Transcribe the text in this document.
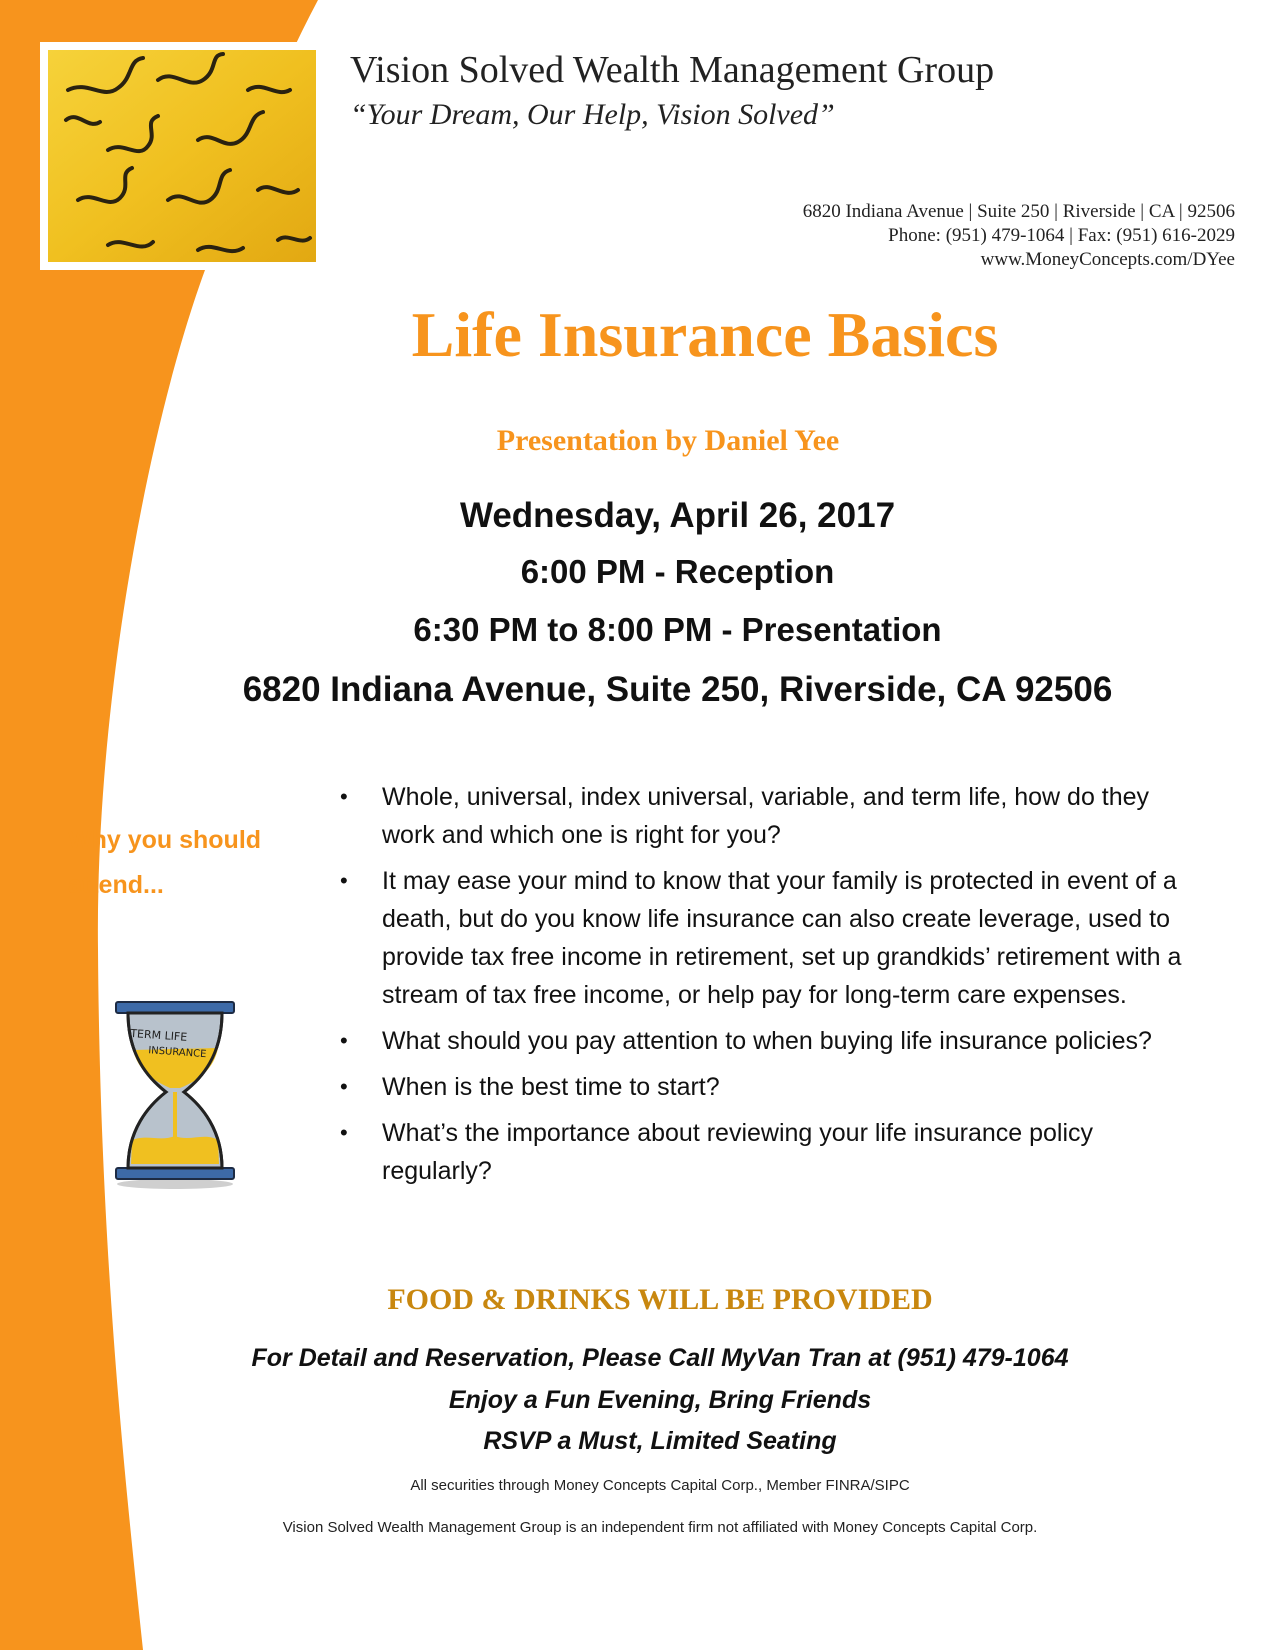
Vision Solved Wealth Management Group
“Your Dream, Our Help, Vision Solved”
6820 Indiana Avenue | Suite 250 | Riverside | CA | 92506
Phone: (951) 479-1064 | Fax: (951) 616-2029
www.MoneyConcepts.com/DYee
Life Insurance Basics
Presentation by Daniel Yee
Wednesday, April 26, 2017
6:00 PM - Reception
6:30 PM to 8:00 PM - Presentation
6820 Indiana Avenue, Suite 250, Riverside, CA 92506
Why you should attend...
TERM LIFE
INSURANCE
• Whole, universal, index universal, variable, and term life, how do they work and which one is right for you?
• It may ease your mind to know that your family is protected in event of a death, but do you know life insurance can also create leverage, used to provide tax free income in retirement, set up grandkids’ retirement with a stream of tax free income, or help pay for long-term care expenses.
• What should you pay attention to when buying life insurance policies?
• When is the best time to start?
• What’s the importance about reviewing your life insurance policy regularly?
FOOD & DRINKS WILL BE PROVIDED
For Detail and Reservation, Please Call MyVan Tran at (951) 479-1064
Enjoy a Fun Evening, Bring Friends
RSVP a Must, Limited Seating
All securities through Money Concepts Capital Corp., Member FINRA/SIPC
Vision Solved Wealth Management Group is an independent firm not affiliated with Money Concepts Capital Corp.
